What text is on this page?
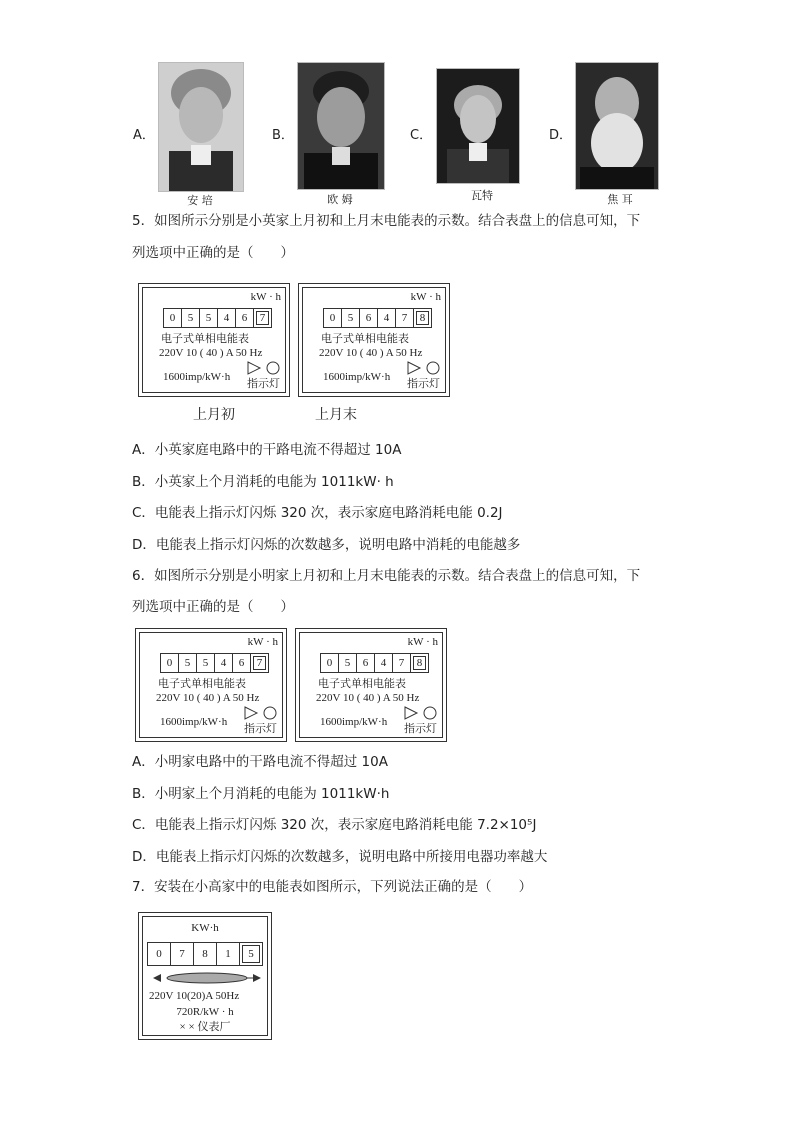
A．
安 培
B．
欧 姆
C．
瓦特
D．
焦 耳
5．如图所示分别是小英家上月初和上月末电能表的示数。结合表盘上的信息可知，下
列选项中正确的是（　　）
kW · h
0	5	5	4	6	7
电子式单相电能表
220V 10 ( 40 ) A 50 Hz
1600imp/kW·h
指示灯
kW · h
0	5	6	4	7	8
电子式单相电能表
220V 10 ( 40 ) A 50 Hz
1600imp/kW·h
指示灯
上月初	上月末
A．小英家庭电路中的干路电流不得超过 10A
B．小英家上个月消耗的电能为 1011kW· h
C．电能表上指示灯闪烁 320 次，表示家庭电路消耗电能 0.2J
D．电能表上指示灯闪烁的次数越多，说明电路中消耗的电能越多
6．如图所示分别是小明家上月初和上月末电能表的示数。结合表盘上的信息可知，下
列选项中正确的是（　　）
kW · h
0	5	5	4	6	7
电子式单相电能表
220V 10 ( 40 ) A 50 Hz
1600imp/kW·h
指示灯
kW · h
0	5	6	4	7	8
电子式单相电能表
220V 10 ( 40 ) A 50 Hz
1600imp/kW·h
指示灯
A．小明家电路中的干路电流不得超过 10A
B．小明家上个月消耗的电能为 1011kW·h
C．电能表上指示灯闪烁 320 次，表示家庭电路消耗电能 7.2×10⁵J
D．电能表上指示灯闪烁的次数越多，说明电路中所接用电器功率越大
7．安装在小高家中的电能表如图所示，下列说法正确的是（　　）
KW·h
0	7	8	1	5
220V 10(20)A 50Hz
720R/kW · h
× × 仪表厂
